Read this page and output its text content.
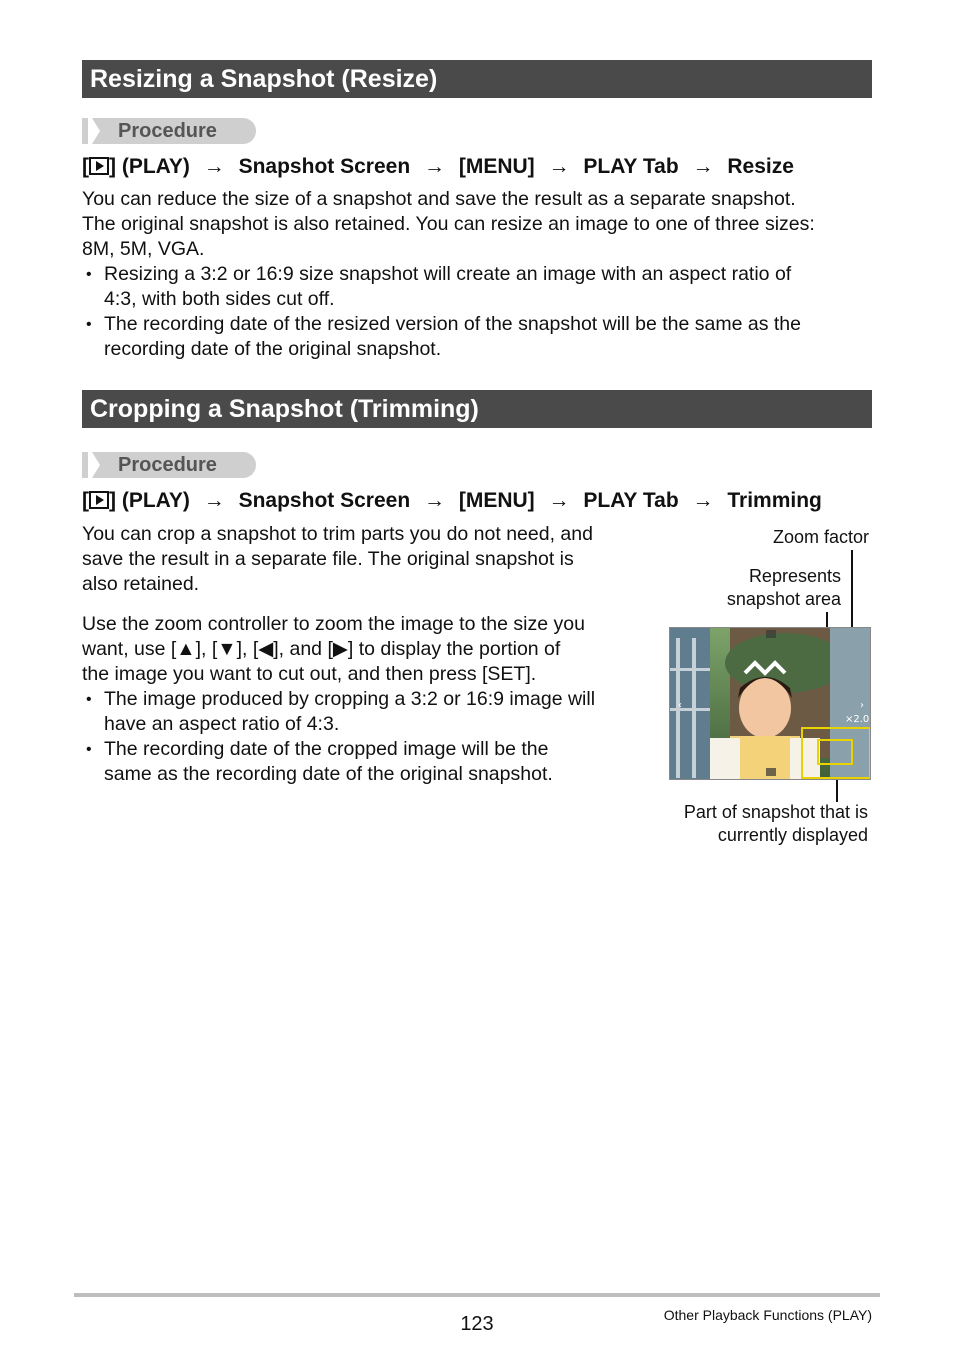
Resizing a Snapshot (Resize)
Procedure
[ ] (PLAY) → Snapshot Screen → [MENU] → PLAY Tab → Resize
You can reduce the size of a snapshot and save the result as a separate snapshot.
The original snapshot is also retained. You can resize an image to one of three sizes:
8M, 5M, VGA.
• Resizing a 3:2 or 16:9 size snapshot will create an image with an aspect ratio of
4:3, with both sides cut off.
• The recording date of the resized version of the snapshot will be the same as the
recording date of the original snapshot.
Cropping a Snapshot (Trimming)
Procedure
[ ] (PLAY) → Snapshot Screen → [MENU] → PLAY Tab → Trimming
You can crop a snapshot to trim parts you do not need, and
save the result in a separate file. The original snapshot is
also retained.
Use the zoom controller to zoom the image to the size you
want, use [▲], [▼], [◀], and [▶] to display the portion of
the image you want to cut out, and then press [SET].
• The image produced by cropping a 3:2 or 16:9 image will
have an aspect ratio of 4:3.
• The recording date of the cropped image will be the
same as the recording date of the original snapshot.
Zoom factor
Represents
snapshot area
‹	›
×2.0
Part of snapshot that is
currently displayed
123	Other Playback Functions (PLAY)
